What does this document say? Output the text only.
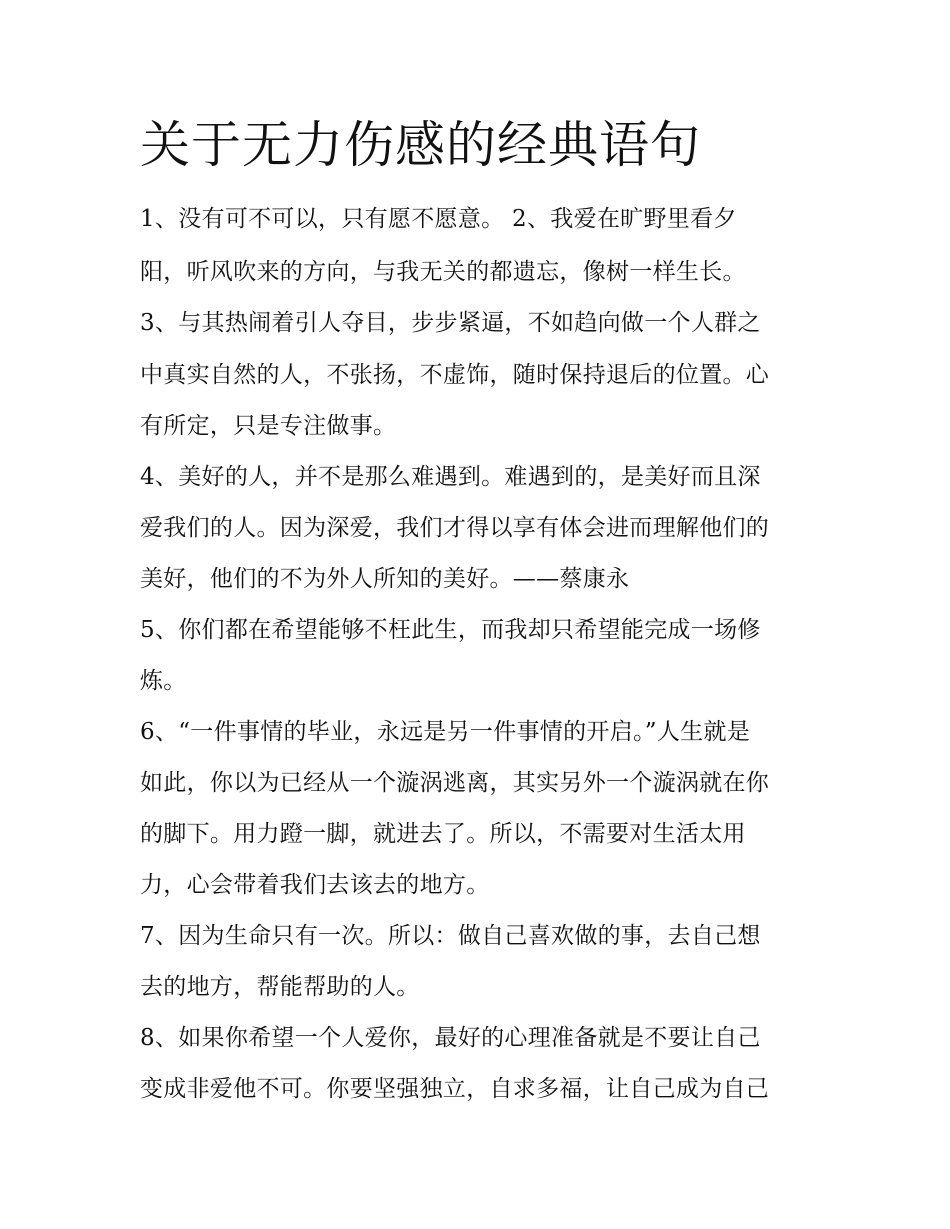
关于无力伤感的经典语句

1、没有可不可以，只有愿不愿意。 2、我爱在旷野里看夕

阳，听风吹来的方向，与我无关的都遗忘，像树一样生长。

3、与其热闹着引人夺目，步步紧逼，不如趋向做一个人群之

中真实自然的人，不张扬，不虚饰，随时保持退后的位置。心

有所定，只是专注做事。

4、美好的人，并不是那么难遇到。难遇到的，是美好而且深

爱我们的人。因为深爱，我们才得以享有体会进而理解他们的

美好，他们的不为外人所知的美好。——蔡康永

5、你们都在希望能够不枉此生，而我却只希望能完成一场修

炼。

6、“一件事情的毕业，永远是另一件事情的开启。”人生就是

如此，你以为已经从一个漩涡逃离，其实另外一个漩涡就在你

的脚下。用力蹬一脚，就进去了。所以，不需要对生活太用

力，心会带着我们去该去的地方。

7、因为生命只有一次。所以：做自己喜欢做的事，去自己想

去的地方，帮能帮助的人。

8、如果你希望一个人爱你，最好的心理准备就是不要让自己

变成非爱他不可。你要坚强独立，自求多福，让自己成为自己
